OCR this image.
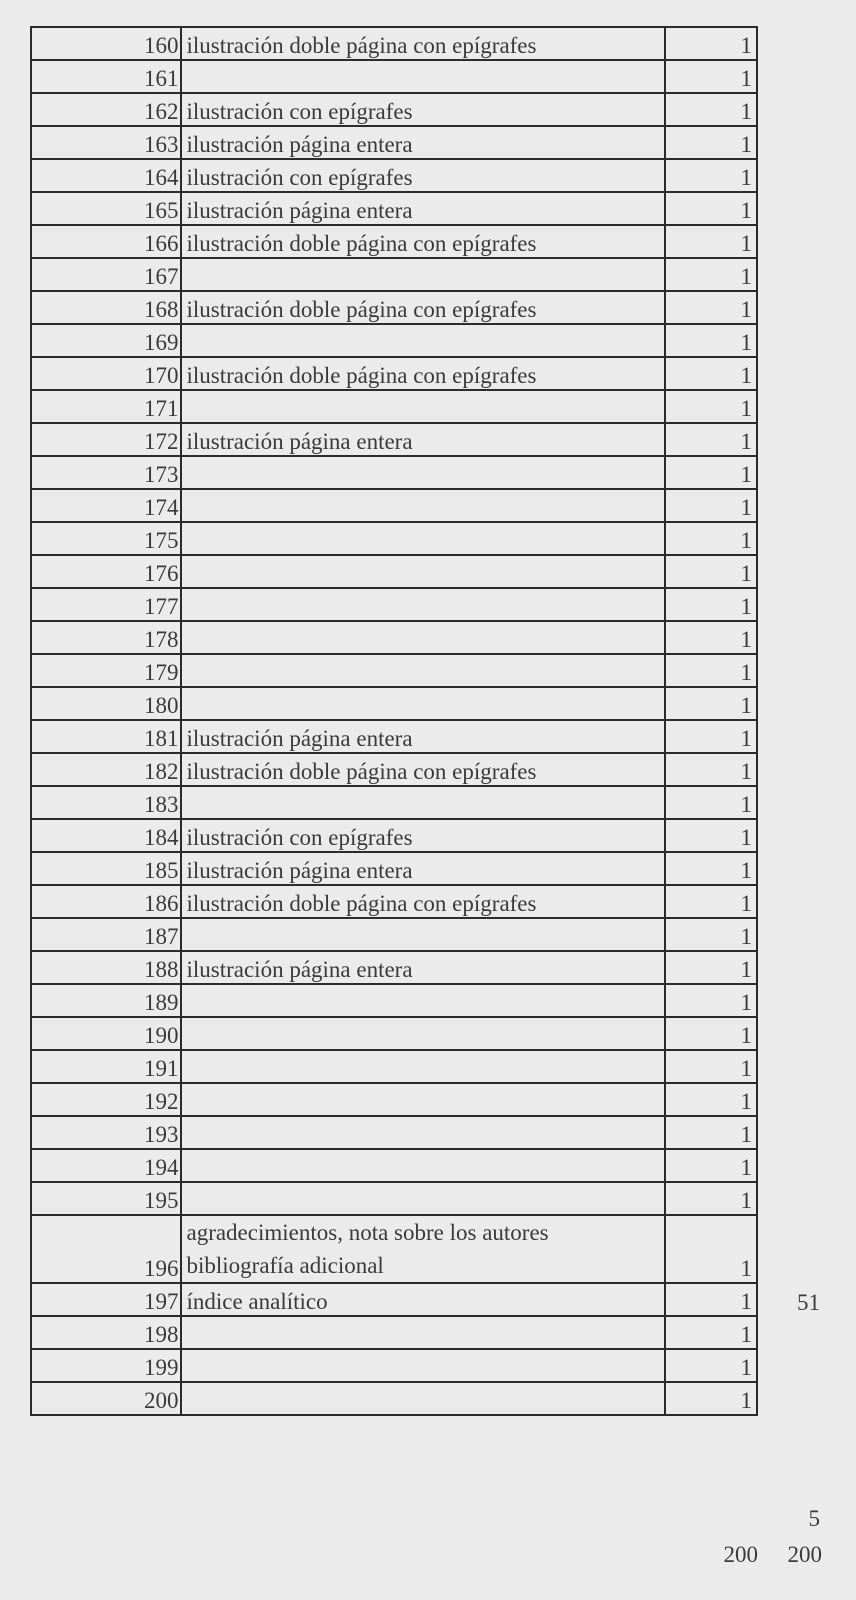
160	ilustración doble página con epígrafes	1
161		1
162	ilustración con epígrafes	1
163	ilustración página entera	1
164	ilustración con epígrafes	1
165	ilustración página entera	1
166	ilustración doble página con epígrafes	1
167		1
168	ilustración doble página con epígrafes	1
169		1
170	ilustración doble página con epígrafes	1
171		1
172	ilustración página entera	1
173		1
174		1
175		1
176		1
177		1
178		1
179		1
180		1
181	ilustración página entera	1
182	ilustración doble página con epígrafes	1
183		1
184	ilustración con epígrafes	1
185	ilustración página entera	1
186	ilustración doble página con epígrafes	1
187		1
188	ilustración página entera	1
189		1
190		1
191		1
192		1
193		1
194		1
195		1
196	agradecimientos, nota sobre los autores
bibliografía adicional	1
197	índice analítico	1
198		1
199		1
200		1
51
5
200	200
